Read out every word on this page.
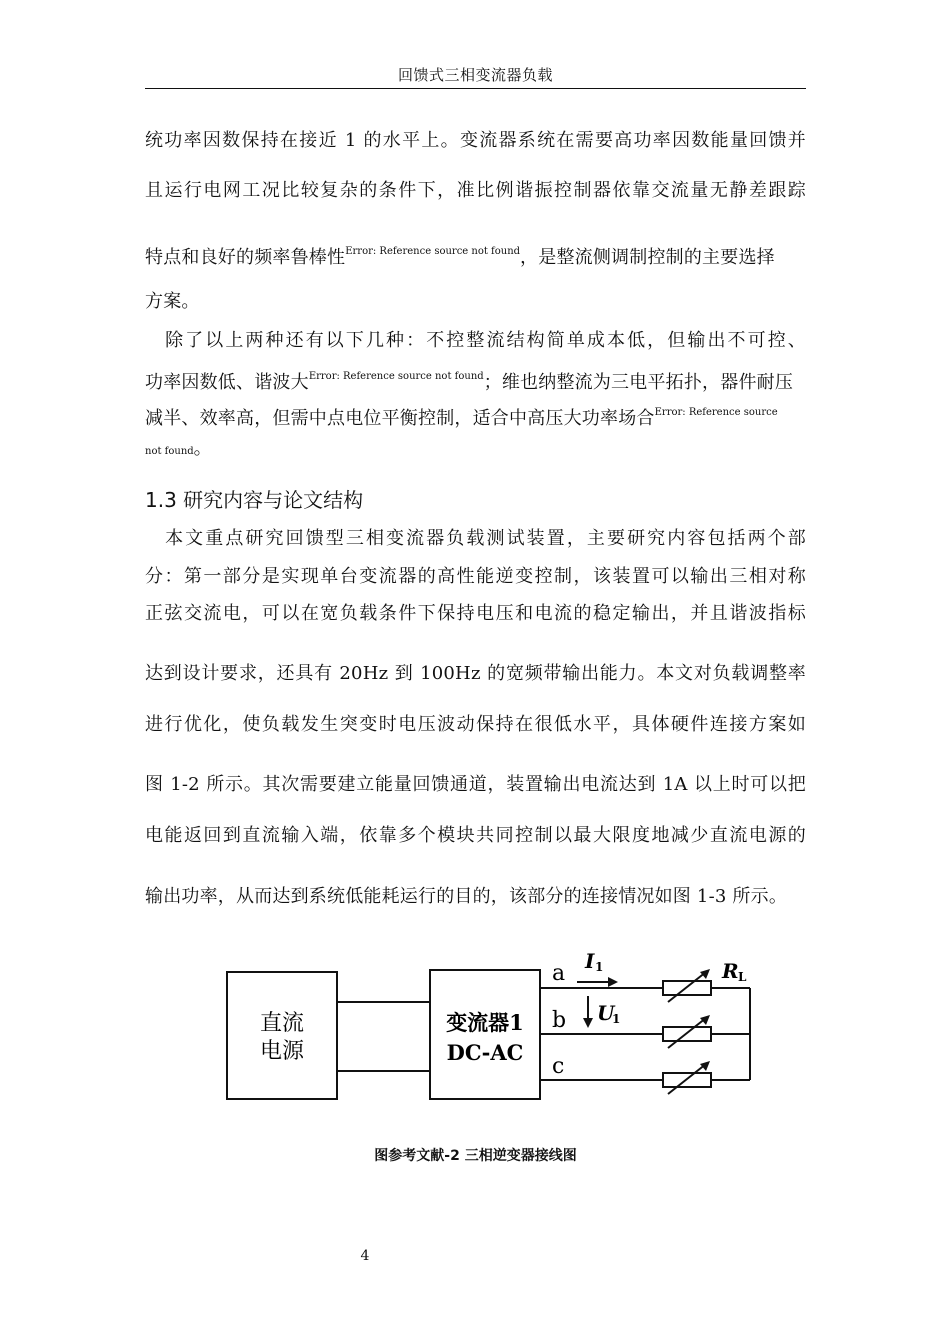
回馈式三相变流器负载
统功率因数保持在接近 1 的水平上。变流器系统在需要高功率因数能量回馈并
且运行电网工况比较复杂的条件下，准比例谐振控制器依靠交流量无静差跟踪
特点和良好的频率鲁棒性$^{Error: Reference source not found}$，是整流侧调制控制的主要选择
方案。
　除了以上两种还有以下几种：不控整流结构简单成本低，但输出不可控、
功率因数低、谐波大$^{Error: Reference source not found}$；维也纳整流为三电平拓扑，器件耐压
减半、效率高，但需中点电位平衡控制，适合中高压大功率场合$^{Error: Reference source}$
not found。
1.3 研究内容与论文结构
　本文重点研究回馈型三相变流器负载测试装置，主要研究内容包括两个部
分：第一部分是实现单台变流器的高性能逆变控制，该装置可以输出三相对称
正弦交流电，可以在宽负载条件下保持电压和电流的稳定输出，并且谐波指标
达到设计要求，还具有 20Hz 到 100Hz 的宽频带输出能力。本文对负载调整率
进行优化，使负载发生突变时电压波动保持在很低水平，具体硬件连接方案如
图 1-2 所示。其次需要建立能量回馈通道，装置输出电流达到 1A 以上时可以把
电能返回到直流输入端，依靠多个模块共同控制以最大限度地减少直流电源的
输出功率，从而达到系统低能耗运行的目的，该部分的连接情况如图 1-3 所示。
直流
电源
变流器1
DC-AC
a
b
c
I 1
U
1
R L
图参考文献-2 三相逆变器接线图
4
